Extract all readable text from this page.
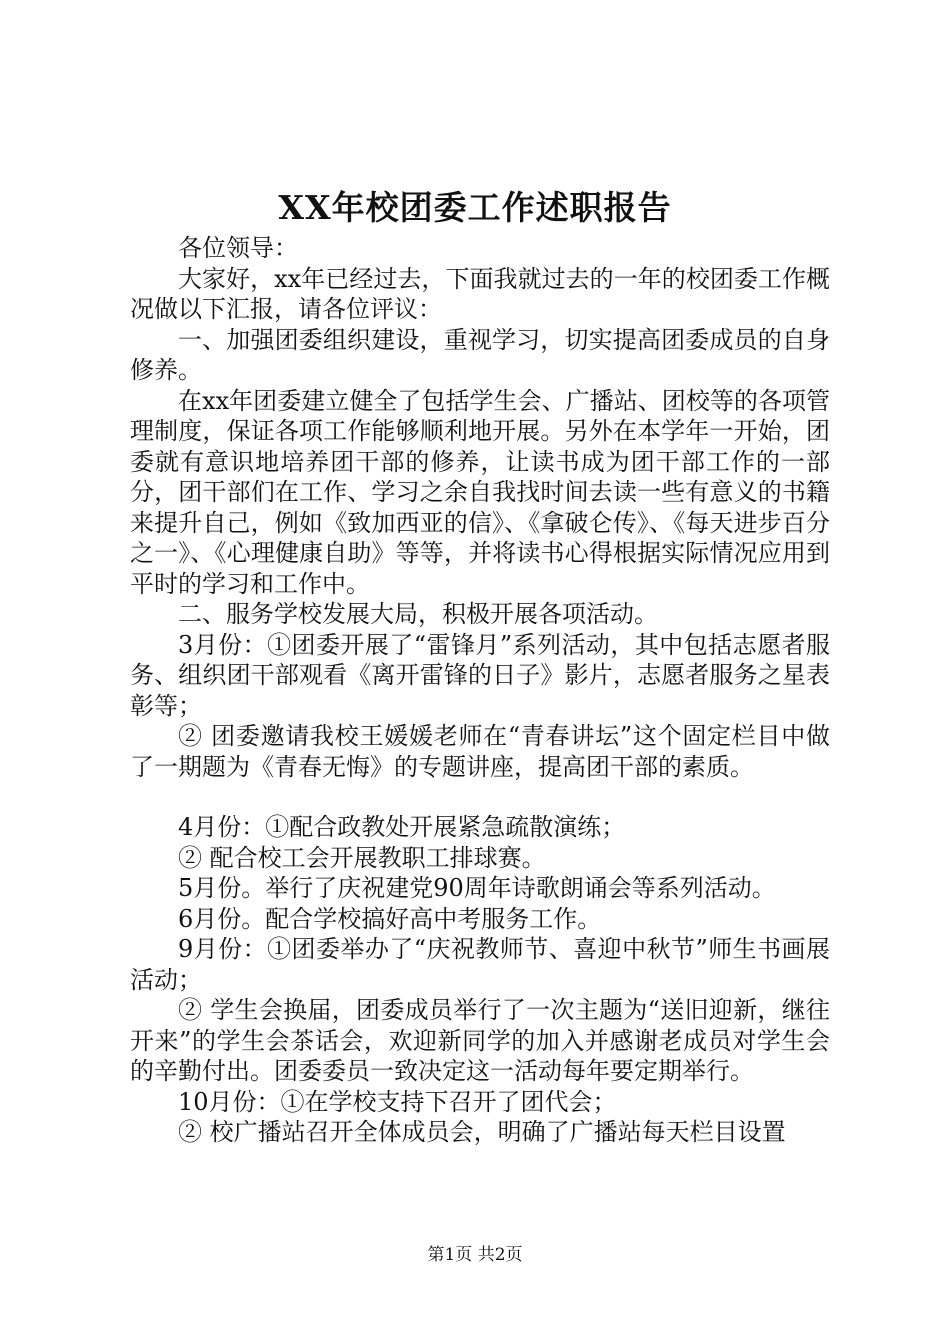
XX年校团委工作述职报告

各位领导：

大家好，xx年已经过去，下面我就过去的一年的校团委工作概况做以下汇报，请各位评议：

一、加强团委组织建设，重视学习，切实提高团委成员的自身修养。

在xx年团委建立健全了包括学生会、广播站、团校等的各项管理制度，保证各项工作能够顺利地开展。另外在本学年一开始，团委就有意识地培养团干部的修养，让读书成为团干部工作的一部分，团干部们在工作、学习之余自我找时间去读一些有意义的书籍来提升自己，例如《致加西亚的信》、《拿破仑传》、《每天进步百分之一》、《心理健康自助》等等，并将读书心得根据实际情况应用到平时的学习和工作中。

二、服务学校发展大局，积极开展各项活动。

3月份：①团委开展了“雷锋月”系列活动，其中包括志愿者服务、组织团干部观看《离开雷锋的日子》影片，志愿者服务之星表彰等；

② 团委邀请我校王媛媛老师在“青春讲坛”这个固定栏目中做了一期题为《青春无悔》的专题讲座，提高团干部的素质。

4月份：①配合政教处开展紧急疏散演练；

② 配合校工会开展教职工排球赛。

5月份。举行了庆祝建党90周年诗歌朗诵会等系列活动。

6月份。配合学校搞好高中考服务工作。

9月份：①团委举办了“庆祝教师节、喜迎中秋节”师生书画展活动；

② 学生会换届，团委成员举行了一次主题为“送旧迎新，继往开来”的学生会茶话会，欢迎新同学的加入并感谢老成员对学生会的辛勤付出。团委委员一致决定这一活动每年要定期举行。

10月份：①在学校支持下召开了团代会；

② 校广播站召开全体成员会，明确了广播站每天栏目设置

第1页 共2页
